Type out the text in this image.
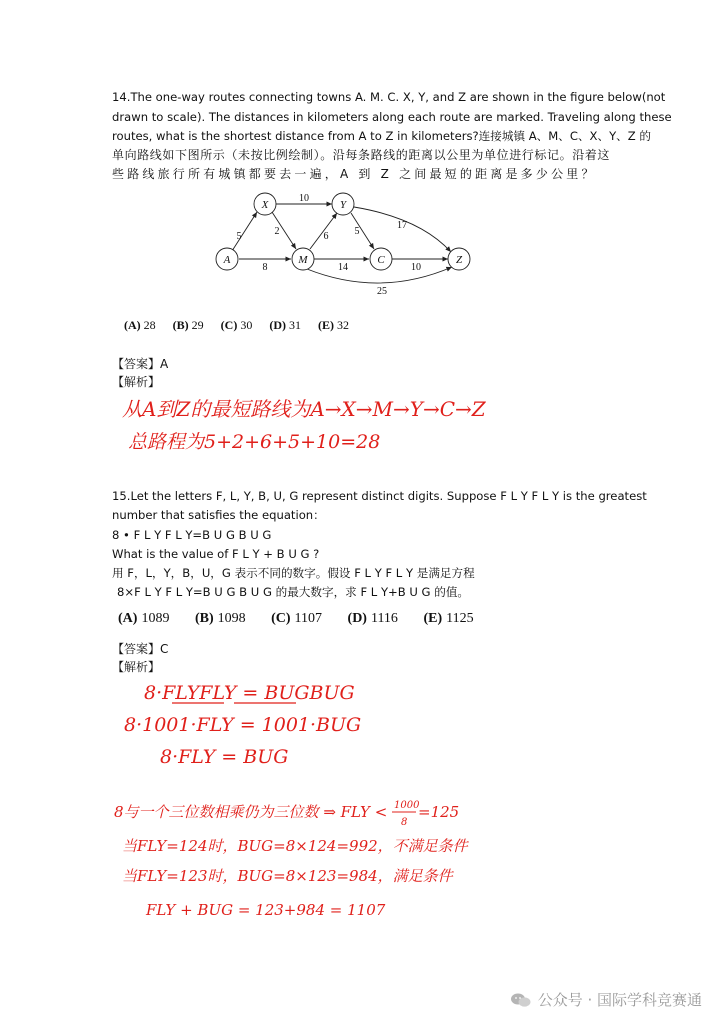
14.The one-way routes connecting towns A. M. C. X, Y, and Z are shown in the figure below(not
drawn to scale). The distances in kilometers along each route are marked. Traveling along these
routes, what is the shortest distance from A to Z in kilometers?连接城镇 A、M、C、X、Y、Z 的
单向路线如下图所示（未按比例绘制）。沿每条路线的距离以公里为单位进行标记。沿着这
些路线旅行所有城镇都要去一遍，A 到 Z 之间最短的距离是多少公里？
A
X
M
Y
C	Z
5
8
2
10
6	5
17
14	10
25
(A) 28 (B) 29 (C) 30 (D) 31 (E) 32
【答案】A
【解析】
从A到Z的最短路线为A→X→M→Y→C→Z
总路程为5+2+6+5+10=28
15.Let the letters F, L, Y, B, U, G represent distinct digits. Suppose F L Y F L Y is the greatest
number that satisfies the equation：
8 • F L Y F L Y=B U G B U G
What is the value of F L Y + B U G ?
用 F，L，Y，B，U，G 表示不同的数字。假设 F L Y F L Y 是满足方程
8×F L Y F L Y=B U G B U G 的最大数字，求 F L Y+B U G 的值。
(A) 1089 (B) 1098 (C) 1107 (D) 1116 (E) 1125
【答案】C
【解析】
8·FLYFLY = BUGBUG
8·1001·FLY = 1001·BUG
8·FLY = BUG
8与一个三位数相乘仍为三位数 ⇒ FLY < 1000
8
=125
当FLY=124时，BUG=8×124=992，不满足条件
当FLY=123时，BUG=8×123=984，满足条件
FLY + BUG = 123+984 = 1107
公众号 · 国际学科竞赛通
